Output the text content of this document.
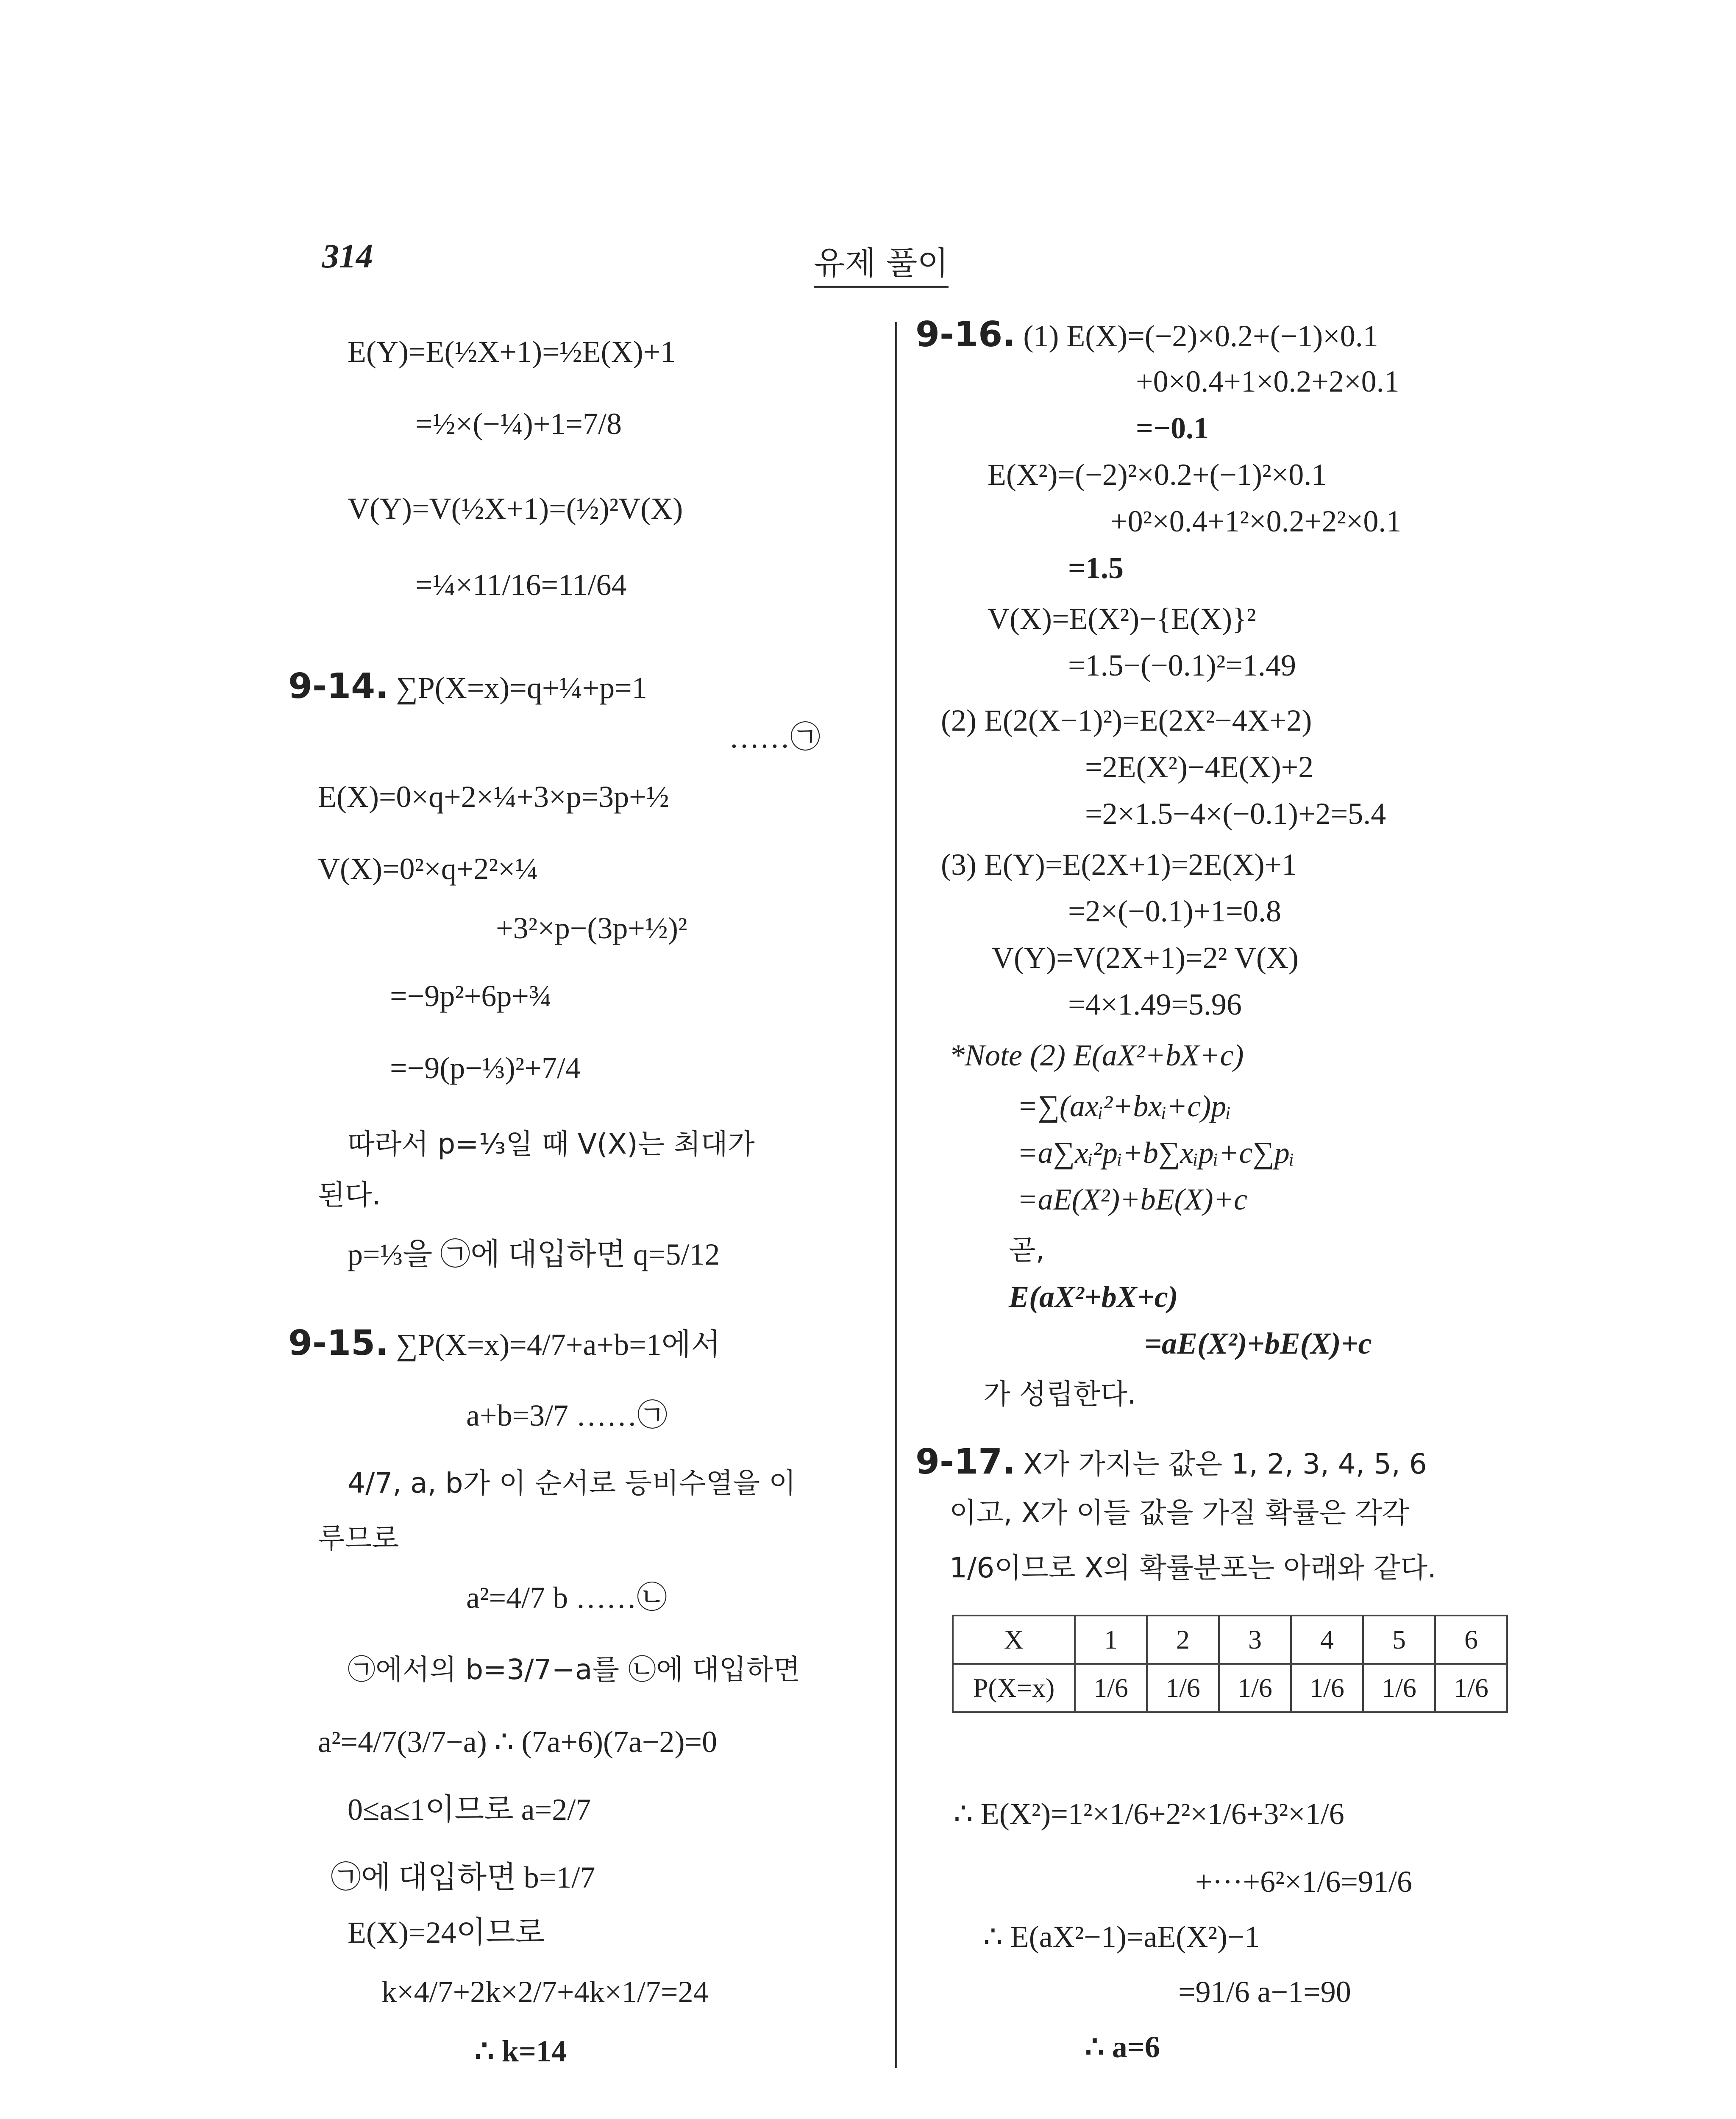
314	유제 풀이
E(Y)=E(½X+1)=½E(X)+1
=½×(−¼)+1=7/8
V(Y)=V(½X+1)=(½)²V(X)
=¼×11/16=11/64
9-14. ∑P(X=x)=q+¼+p=1
……㉠
E(X)=0×q+2×¼+3×p=3p+½
V(X)=0²×q+2²×¼
+3²×p−(3p+½)²
=−9p²+6p+¾
=−9(p−⅓)²+7/4
따라서 p=⅓일 때 V(X)는 최대가
된다.
p=⅓을 ㉠에 대입하면 q=5/12
9-15. ∑P(X=x)=4/7+a+b=1에서
a+b=3/7 ……㉠
4/7, a, b가 이 순서로 등비수열을 이
루므로
a²=4/7 b ……㉡
㉠에서의 b=3/7−a를 ㉡에 대입하면
a²=4/7(3/7−a) ∴ (7a+6)(7a−2)=0
0≤a≤1이므로 a=2/7
㉠에 대입하면 b=1/7
E(X)=24이므로
k×4/7+2k×2/7+4k×1/7=24
∴ k=14
9-16. (1) E(X)=(−2)×0.2+(−1)×0.1
+0×0.4+1×0.2+2×0.1
=−0.1
E(X²)=(−2)²×0.2+(−1)²×0.1
+0²×0.4+1²×0.2+2²×0.1
=1.5
V(X)=E(X²)−{E(X)}²
=1.5−(−0.1)²=1.49
(2) E(2(X−1)²)=E(2X²−4X+2)
=2E(X²)−4E(X)+2
=2×1.5−4×(−0.1)+2=5.4
(3) E(Y)=E(2X+1)=2E(X)+1
=2×(−0.1)+1=0.8
V(Y)=V(2X+1)=2² V(X)
=4×1.49=5.96
*Note (2) E(aX²+bX+c)
=∑(axᵢ²+bxᵢ+c)pᵢ
=a∑xᵢ²pᵢ+b∑xᵢpᵢ+c∑pᵢ
=aE(X²)+bE(X)+c
곧,
E(aX²+bX+c)
=aE(X²)+bE(X)+c
가 성립한다.
9-17. X가 가지는 값은 1, 2, 3, 4, 5, 6
이고, X가 이들 값을 가질 확률은 각각
1/6이므로 X의 확률분포는 아래와 같다.
X	1	2	3	4	5	6
P(X=x)	1/6	1/6	1/6	1/6	1/6	1/6
∴ E(X²)=1²×1/6+2²×1/6+3²×1/6
+···+6²×1/6=91/6
∴ E(aX²−1)=aE(X²)−1
=91/6 a−1=90
∴ a=6
